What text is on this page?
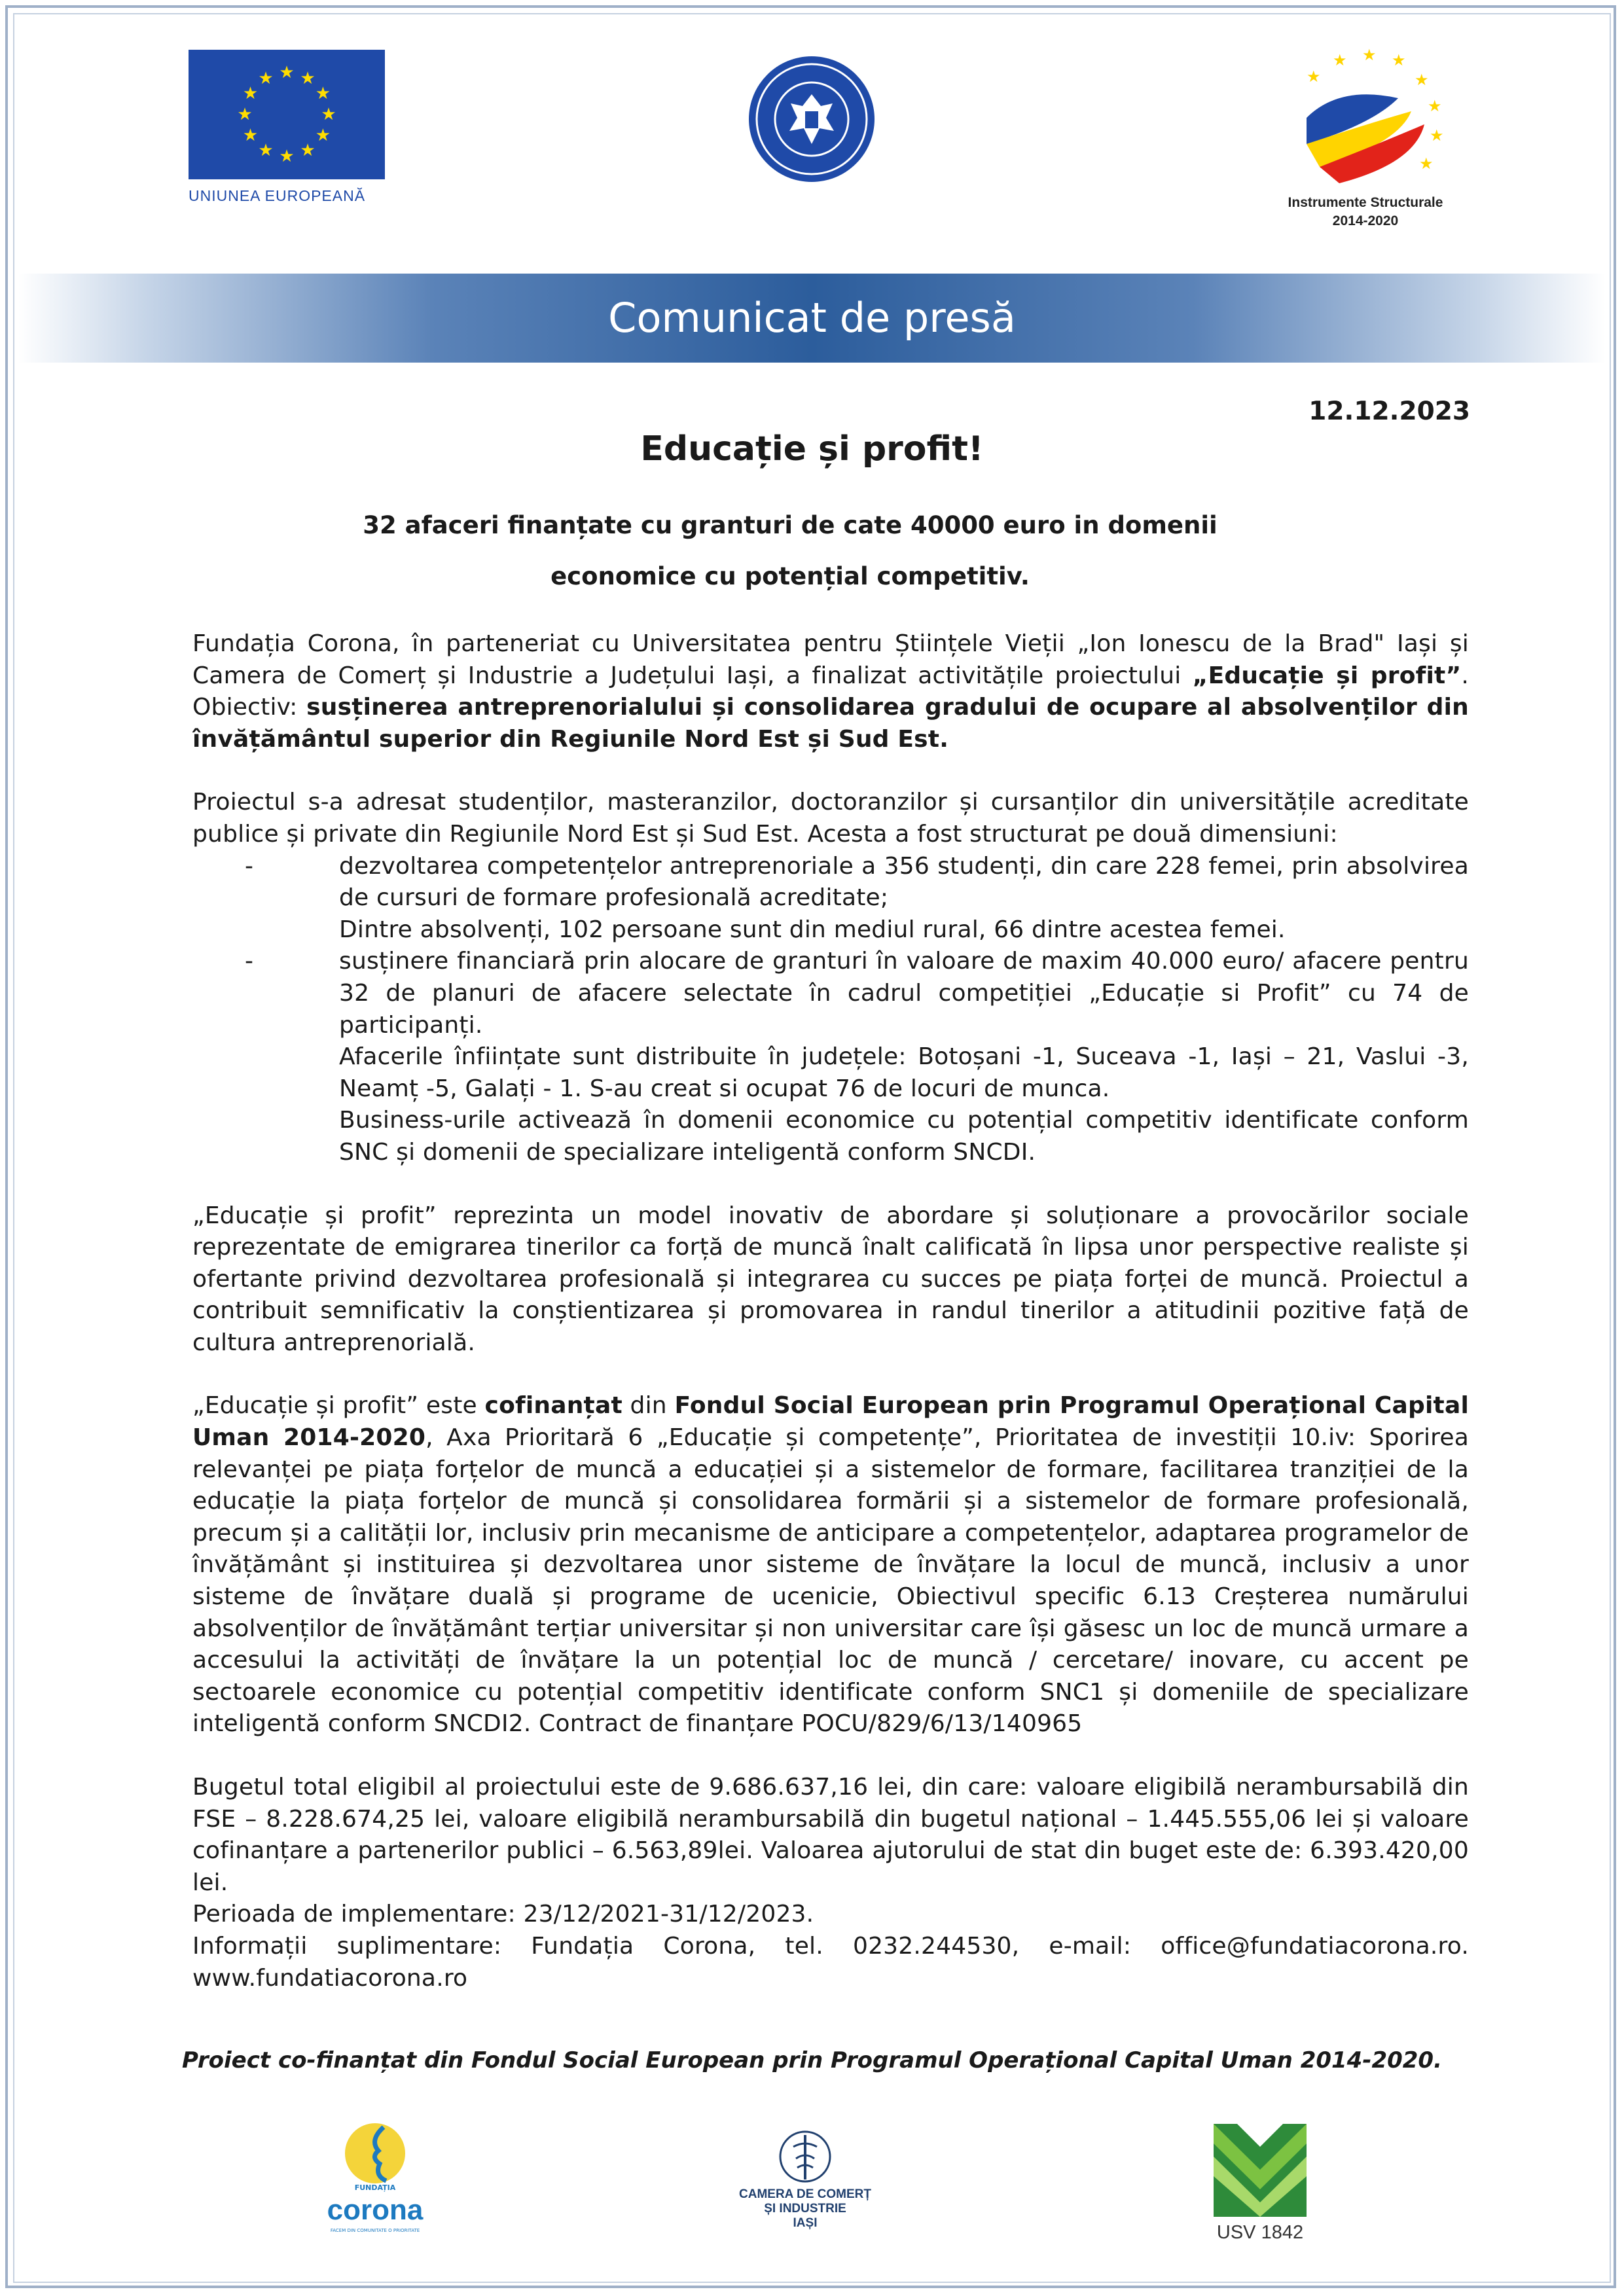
★ ★
★
★
★
★
★
★
★
★
★
★
UNIUNEA EUROPEANĂ
★
★ ★ ★
★
★
★
★
Instrumente Structurale
2014-2020
Comunicat de presă
12.12.2023
Educație și profit!
32 afaceri finanțate cu granturi de cate 40000 euro in domenii
economice cu potențial competitiv.

Fundația Corona, în parteneriat cu Universitatea pentru Științele Vieții „Ion Ionescu de la Brad" Iași și Camera de Comerț și Industrie a Județului Iași, a finalizat activitățile proiectului „Educație și profit”. Obiectiv: susținerea antreprenorialului și consolidarea gradului de ocupare al absolvenților din învățământul superior din Regiunile Nord Est și Sud Est.

Proiectul s-a adresat studenților, masteranzilor, doctoranzilor și cursanților din universitățile acreditate publice și private din Regiunile Nord Est și Sud Est. Acesta a fost structurat pe două dimensiuni:

-	dezvoltarea competențelor antreprenoriale a 356 studenți, din care 228 femei, prin absolvirea de cursuri de formare profesională acreditate;
Dintre absolvenți, 102 persoane sunt din mediul rural, 66 dintre acestea femei.
-	susținere financiară prin alocare de granturi în valoare de maxim 40.000 euro/ afacere pentru 32 de planuri de afacere selectate în cadrul competiției „Educație si Profit” cu 74 de participanți.
Afacerile înființate sunt distribuite în județele: Botoșani -1, Suceava -1, Iași – 21, Vaslui -3, Neamț -5, Galați - 1. S-au creat si ocupat 76 de locuri de munca.
Business-urile activează în domenii economice cu potențial competitiv identificate conform SNC și domenii de specializare inteligentă conform SNCDI.

„Educație și profit” reprezinta un model inovativ de abordare și soluționare a provocărilor sociale reprezentate de emigrarea tinerilor ca forță de muncă înalt calificată în lipsa unor perspective realiste și ofertante privind dezvoltarea profesională și integrarea cu succes pe piața forței de muncă. Proiectul a contribuit semnificativ la conștientizarea și promovarea in randul tinerilor a atitudinii pozitive față de cultura antreprenorială.

„Educație și profit” este cofinanțat din Fondul Social European prin Programul Operațional Capital Uman 2014-2020, Axa Prioritară 6 „Educație și competențe”, Prioritatea de investiții 10.iv: Sporirea relevanței pe piața forțelor de muncă a educației și a sistemelor de formare, facilitarea tranziției de la educație la piața forțelor de muncă și consolidarea formării și a sistemelor de formare profesională, precum și a calității lor, inclusiv prin mecanisme de anticipare a competențelor, adaptarea programelor de învățământ și instituirea și dezvoltarea unor sisteme de învățare la locul de muncă, inclusiv a unor sisteme de învățare duală și programe de ucenicie, Obiectivul specific 6.13 Creșterea numărului absolvenților de învățământ terțiar universitar și non universitar care își găsesc un loc de muncă urmare a accesului la activități de învățare la un potențial loc de muncă / cercetare/ inovare, cu accent pe sectoarele economice cu potențial competitiv identificate conform SNC1 și domeniile de specializare inteligentă conform SNCDI2. Contract de finanțare POCU/829/6/13/140965

Bugetul total eligibil al proiectului este de 9.686.637,16 lei, din care: valoare eligibilă nerambursabilă din FSE – 8.228.674,25 lei, valoare eligibilă nerambursabilă din bugetul național – 1.445.555,06 lei și valoare cofinanțare a partenerilor publici – 6.563,89lei. Valoarea ajutorului de stat din buget este de: 6.393.420,00 lei.

Perioada de implementare: 23/12/2021-31/12/2023.

Informații suplimentare: Fundația Corona, tel. 0232.244530, e-mail: office@fundatiacorona.ro. www.fundatiacorona.ro

Proiect co-finanțat din Fondul Social European prin Programul Operațional Capital Uman 2014-2020.
FUNDAȚIA
corona
FACEM DIN COMUNITATE O PRIORITATE
CAMERA DE COMERȚ
ȘI INDUSTRIE
IAȘI	USV 1842
